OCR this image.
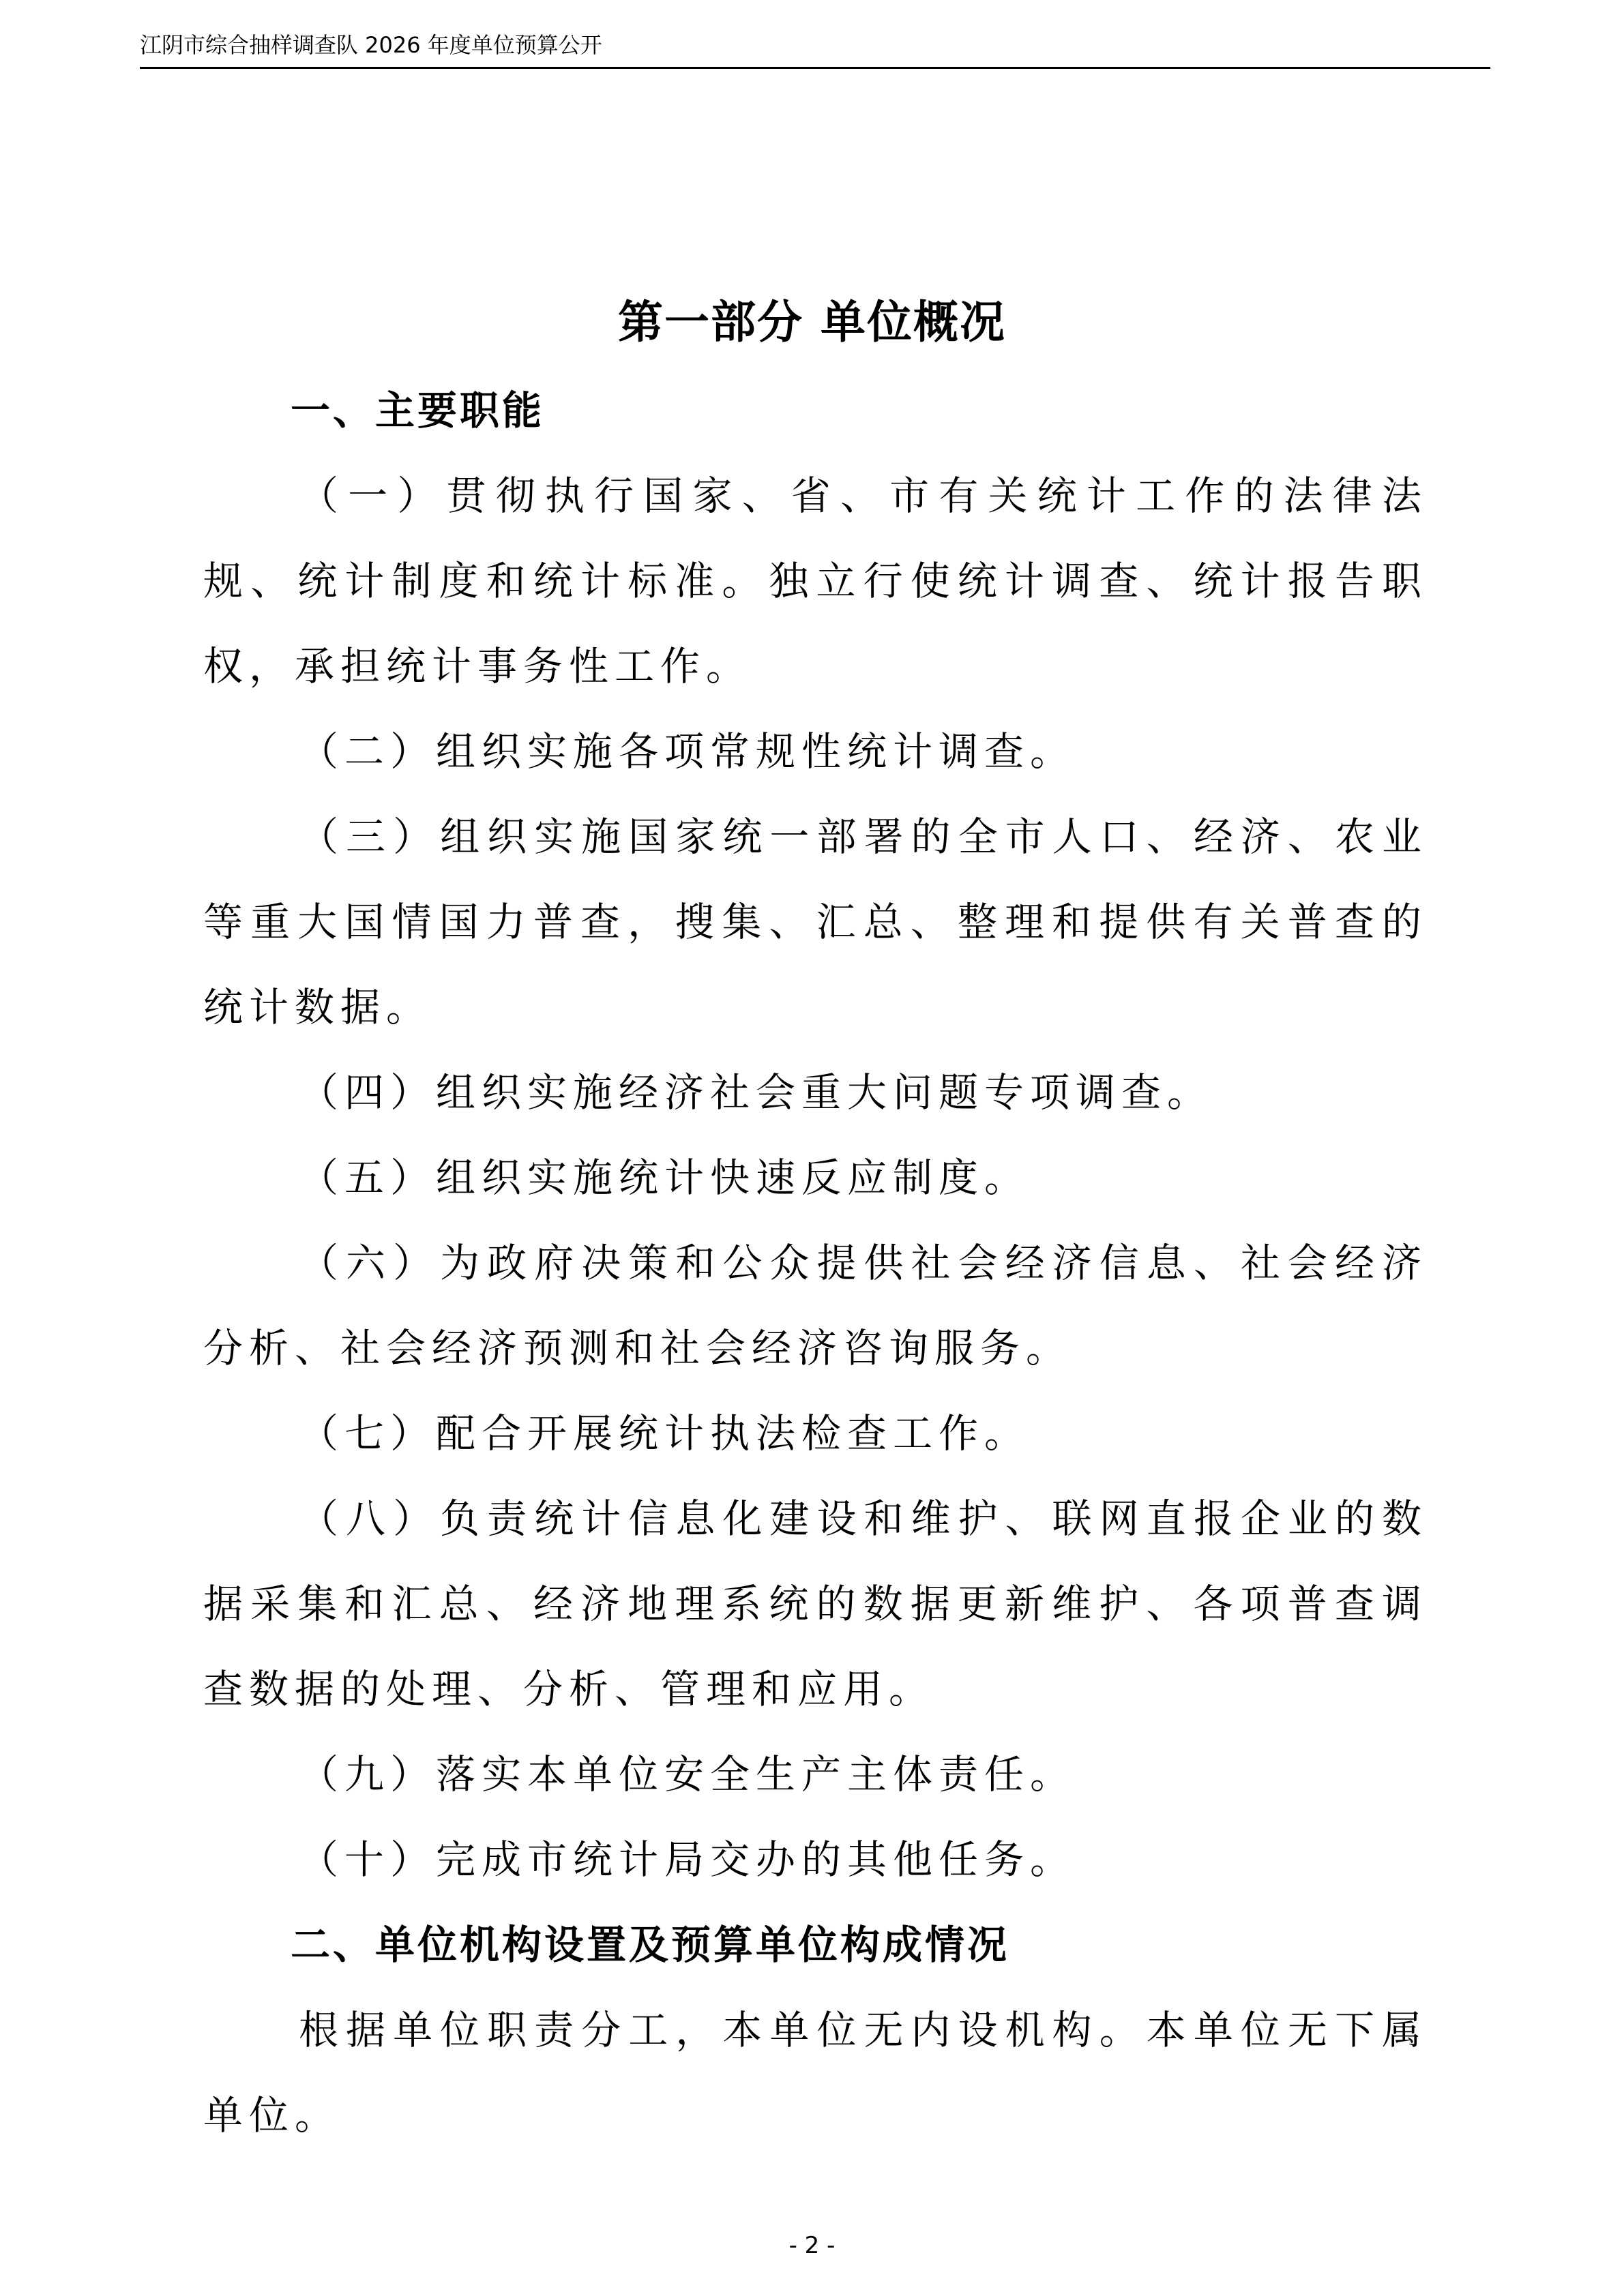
江阴市综合抽样调查队 2026 年度单位预算公开
第一部分 单位概况
一、主要职能

（一）贯彻执行国家、省、市有关统计工作的法律法规、统计制度和统计标准。独立行使统计调查、统计报告职权，承担统计事务性工作。

（二）组织实施各项常规性统计调查。

（三）组织实施国家统一部署的全市人口、经济、农业等重大国情国力普查，搜集、汇总、整理和提供有关普查的统计数据。

（四）组织实施经济社会重大问题专项调查。

（五）组织实施统计快速反应制度。

（六）为政府决策和公众提供社会经济信息、社会经济分析、社会经济预测和社会经济咨询服务。

（七）配合开展统计执法检查工作。

（八）负责统计信息化建设和维护、联网直报企业的数据采集和汇总、经济地理系统的数据更新维护、各项普查调查数据的处理、分析、管理和应用。

（九）落实本单位安全生产主体责任。

（十）完成市统计局交办的其他任务。

二、单位机构设置及预算单位构成情况

根据单位职责分工，本单位无内设机构。本单位无下属单位。

- 2 -
